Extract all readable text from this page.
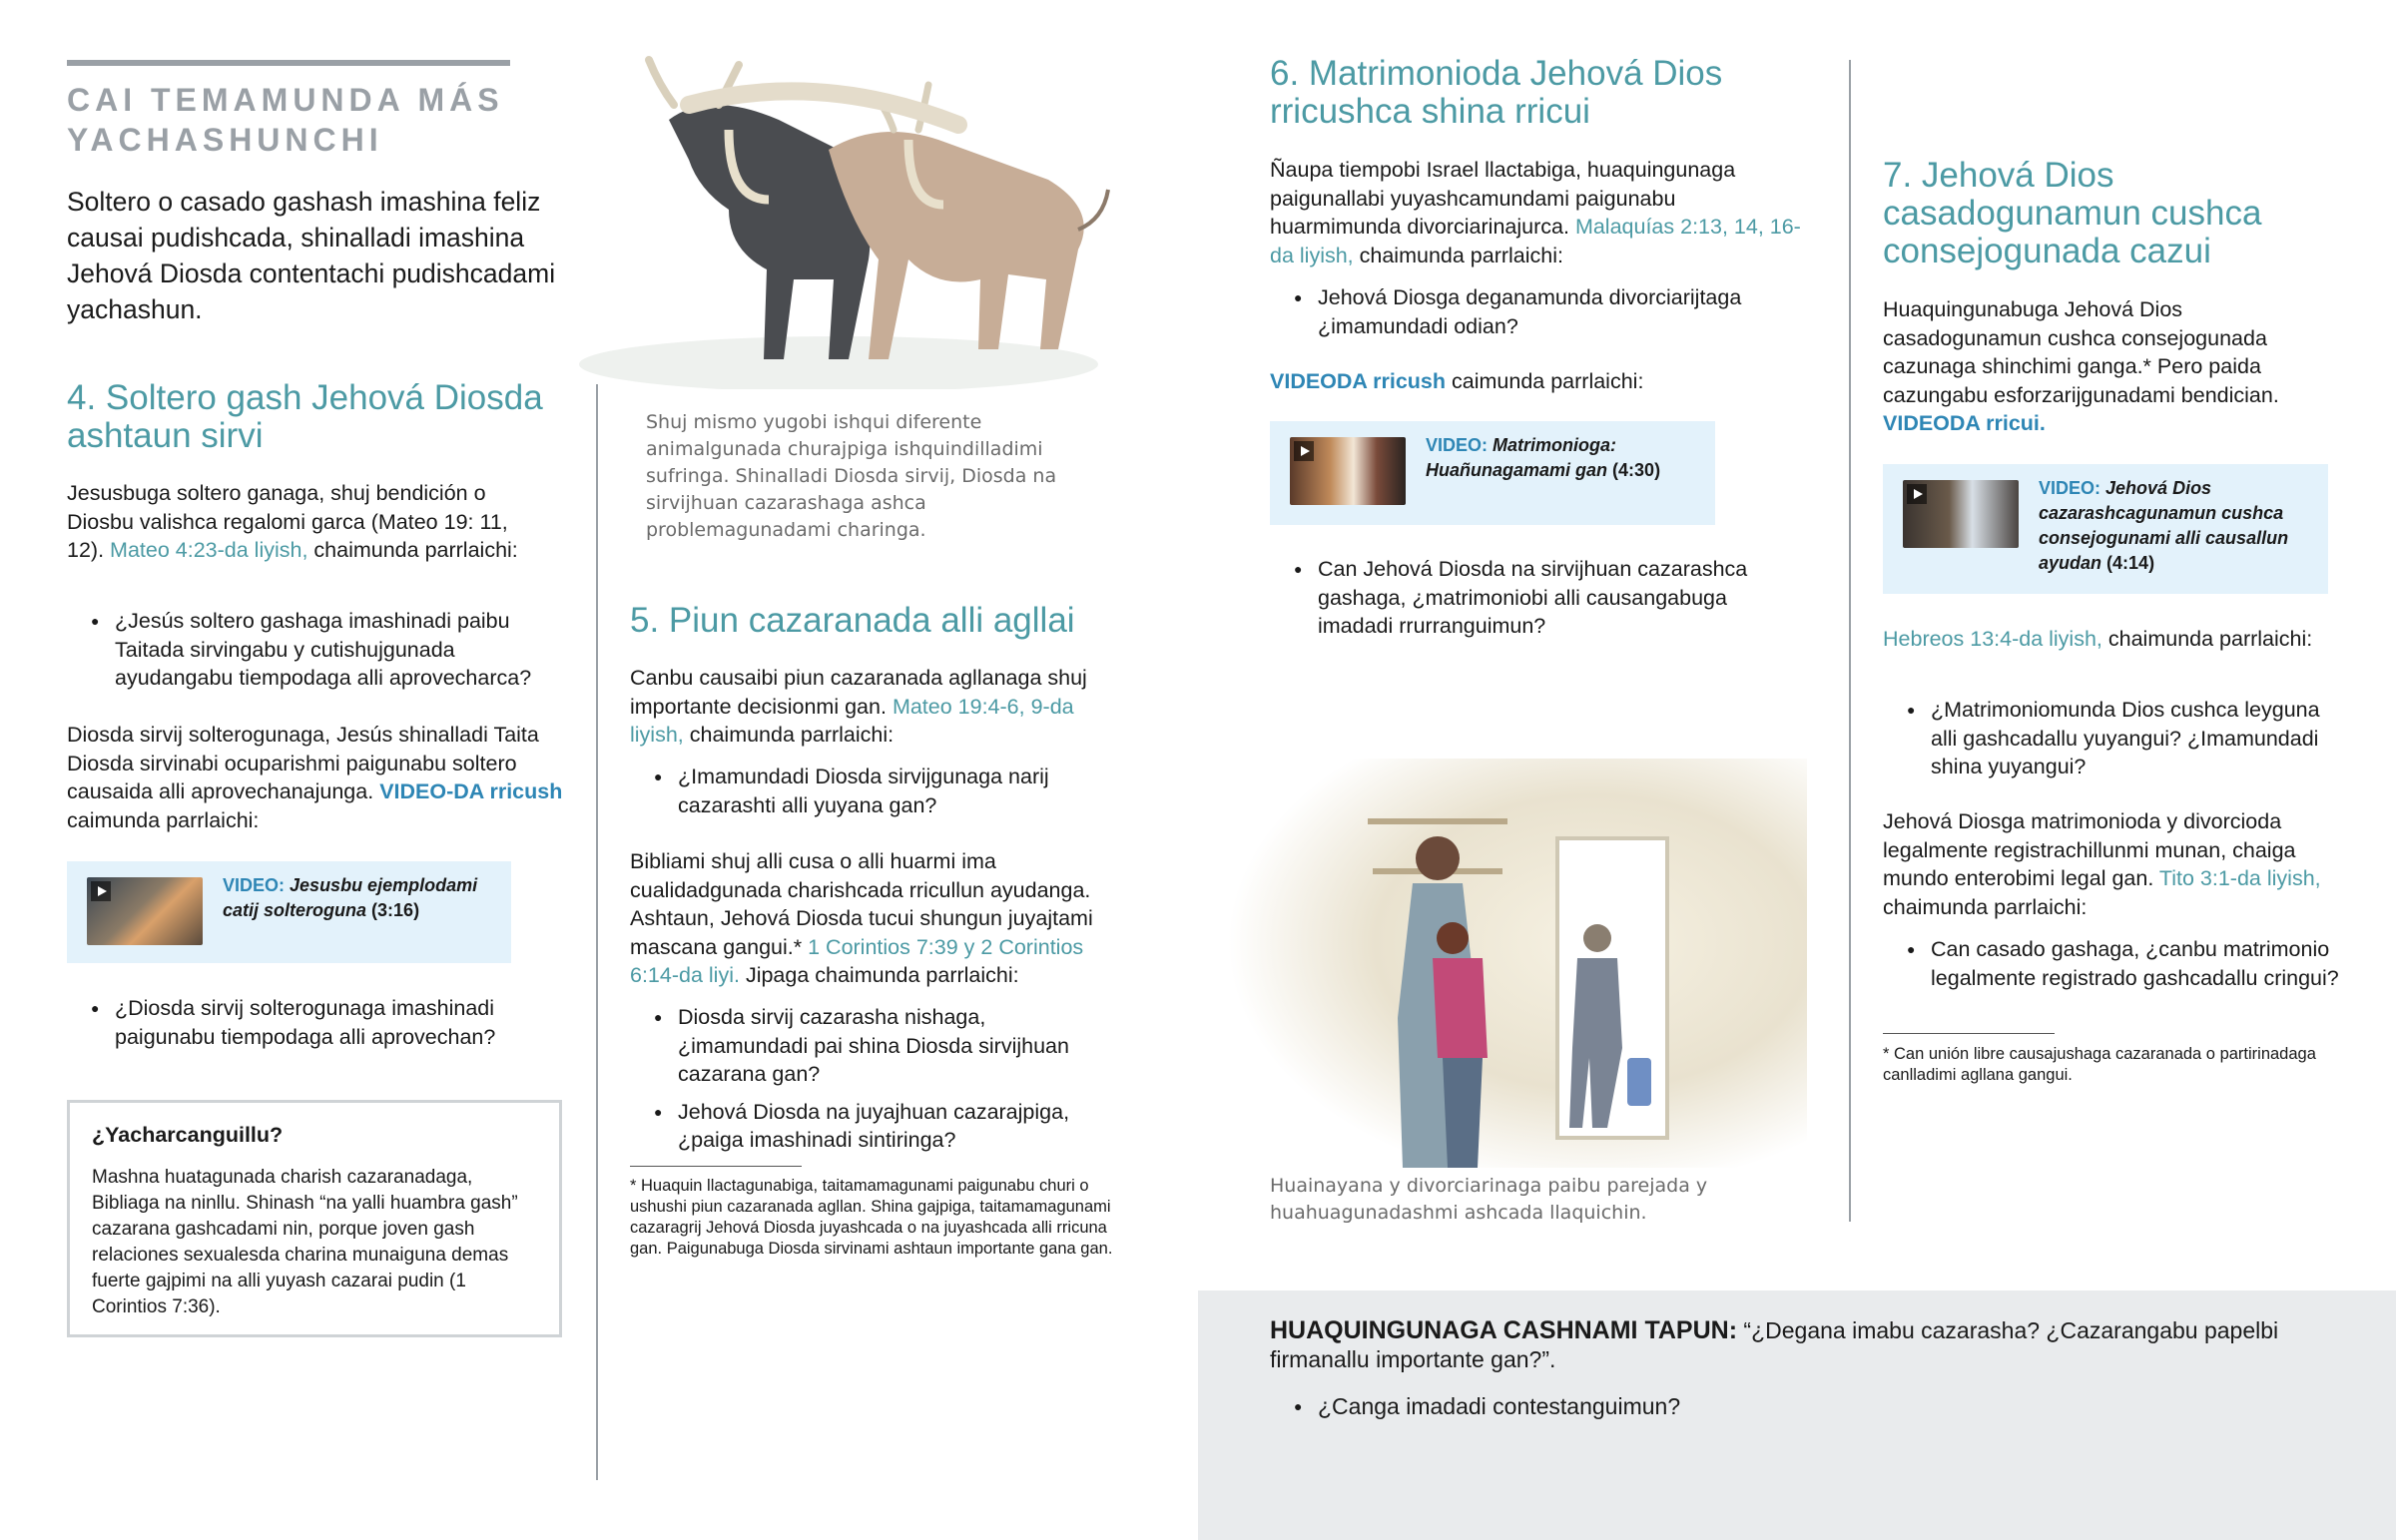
CAI TEMAMUNDA MÁS
YACHASHUNCHI

Soltero o casado gashash imashina feliz causai pudishcada, shinalladi imashina Jehová Diosda contentachi pudishcadami yachashun.

4. Soltero gash Jehová Diosda ashtaun sirvi

Jesusbuga soltero ganaga, shuj bendición o Diosbu valishca regalomi garca (Mateo 19: 11, 12). Mateo 4:23-da liyish, chaimunda parrlaichi:

● ¿Jesús soltero gashaga imashinadi paibu Taitada sirvingabu y cutishujgunada ayudangabu tiempodaga alli aprovecharca?

Diosda sirvij solterogunaga, Jesús shinalladi Taita Diosda sirvinabi ocuparishmi paigunabu soltero causaida alli aprovechanajunga. VIDEO-DA rricush caimunda parrlaichi:

VIDEO: Jesusbu ejemplodami catij solteroguna (3:16)
● ¿Diosda sirvij solterogunaga imashinadi paigunabu tiempodaga alli aprovechan?
¿Yacharcanguillu?
Mashna huatagunada charish cazaranadaga, Bibliaga na ninllu. Shinash “na yalli huambra gash” cazarana gashcadami nin, porque joven gash relaciones sexualesda charina munaiguna demas fuerte gajpimi na alli yuyash cazarai pudin (1 Corintios 7:36).

Shuj mismo yugobi ishqui diferente animalgunada churajpiga ishquindilladimi sufringa. Shinalladi Diosda sirvij, Diosda na sirvijhuan cazarashaga ashca problemagunadami charinga.

5. Piun cazaranada alli agllai

Canbu causaibi piun cazaranada agllanaga shuj importante decisionmi gan. Mateo 19:4-6, 9-da liyish, chaimunda parrlaichi:

● ¿Imamundadi Diosda sirvijgunaga narij cazarashti alli yuyana gan?

Bibliami shuj alli cusa o alli huarmi ima cualidadgunada charishcada rricullun ayudanga. Ashtaun, Jehová Diosda tucui shungun juyajtami mascana gangui.* 1 Corintios 7:39 y 2 Corintios 6:14-da liyi. Jipaga chaimunda parrlaichi:

● Diosda sirvij cazarasha nishaga, ¿imamundadi pai shina Diosda sirvijhuan cazarana gan?
● Jehová Diosda na juyajhuan cazarajpiga, ¿paiga imashinadi sintiringa?

* Huaquin llactagunabiga, taitamamagunami paigunabu churi o ushushi piun cazaranada agllan. Shina gajpiga, taitamamagunami cazaragrij Jehová Diosda juyashcada o na juyashcada alli rricuna gan. Paigunabuga Diosda sirvinami ashtaun importante gana gan.

6. Matrimonioda Jehová Dios rricushca shina rricui

Ñaupa tiempobi Israel llactabiga, huaquingunaga paigunallabi yuyashcamundami paigunabu huarmimunda divorciarinajurca. Malaquías 2:13, 14, 16-da liyish, chaimunda parrlaichi:

● Jehová Diosga deganamunda divorciarijtaga ¿imamundadi odian?

VIDEODA rricush caimunda parrlaichi:

VIDEO: Matrimonioga: Huañunagamami gan (4:30)
● Can Jehová Diosda na sirvijhuan cazarashca gashaga, ¿matrimoniobi alli causangabuga imadadi rrurranguimun?

Huainayana y divorciarinaga paibu parejada y huahuagunadashmi ashcada llaquichin.

7. Jehová Dios casadogunamun cushca consejogunada cazui

Huaquingunabuga Jehová Dios casadogunamun cushca consejogunada cazunaga shinchimi ganga.* Pero paida cazungabu esforzarijgunadami bendician. VIDEODA rricui.

VIDEO: Jehová Dios cazarashcagunamun cushca consejogunami alli causallun ayudan (4:14)

Hebreos 13:4-da liyish, chaimunda parrlaichi:

● ¿Matrimoniomunda Dios cushca leyguna alli gashcadallu yuyangui? ¿Imamundadi shina yuyangui?

Jehová Diosga matrimonioda y divorcioda legalmente registrachillunmi munan, chaiga mundo enterobimi legal gan. Tito 3:1-da liyish, chaimunda parrlaichi:

● Can casado gashaga, ¿canbu matrimonio legalmente registrado gashcadallu cringui?

* Can unión libre causajushaga cazaranada o partirinadaga canlladimi agllana gangui.

HUAQUINGUNAGA CASHNAMI TAPUN: “¿Degana imabu cazarasha? ¿Cazarangabu papelbi firmanallu importante gan?”.

● ¿Canga imadadi contestanguimun?
